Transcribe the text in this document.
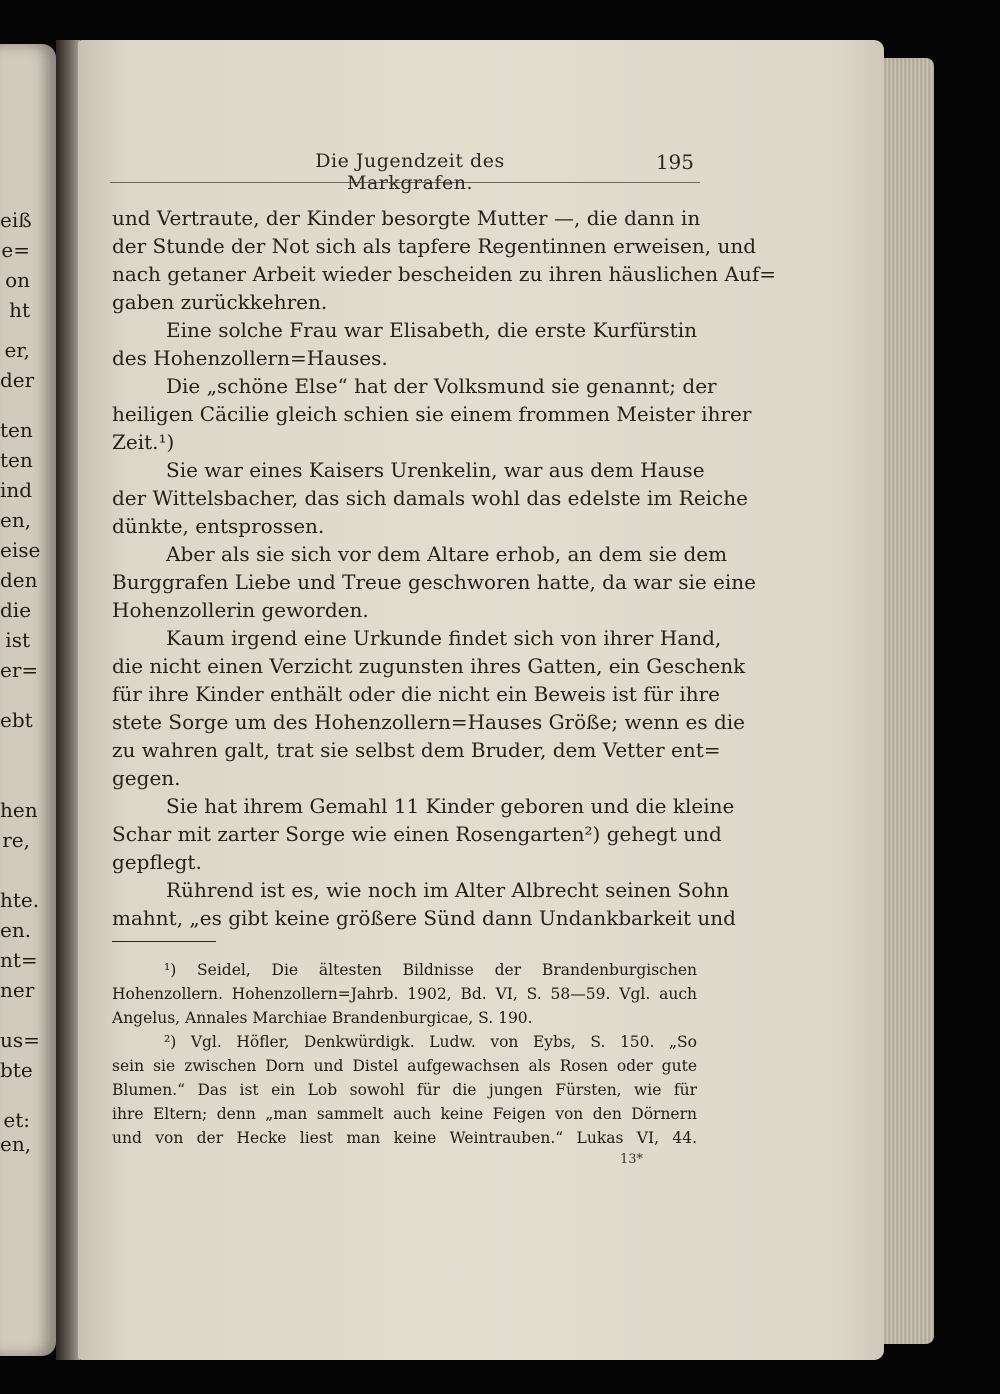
eiß
e=
on
ht
er,
der
ten
ten
ind
en,
eise
den
die
ist
er=
ebt
hen
re,
hte.
en.
nt=
ner
us=
bte
et:
en,
Die Jugendzeit des Markgrafen.
195
und Vertraute, der Kinder besorgte Mutter —, die dann in
der Stunde der Not sich als tapfere Regentinnen erweisen, und
nach getaner Arbeit wieder bescheiden zu ihren häuslichen Auf=
gaben zurückkehren.
Eine solche Frau war Elisabeth, die erste Kurfürstin
des Hohenzollern=Hauses.
Die „schöne Else“ hat der Volksmund sie genannt; der
heiligen Cäcilie gleich schien sie einem frommen Meister ihrer
Zeit.¹)
Sie war eines Kaisers Urenkelin, war aus dem Hause
der Wittelsbacher, das sich damals wohl das edelste im Reiche
dünkte, entsprossen.
Aber als sie sich vor dem Altare erhob, an dem sie dem
Burggrafen Liebe und Treue geschworen hatte, da war sie eine
Hohenzollerin geworden.
Kaum irgend eine Urkunde findet sich von ihrer Hand,
die nicht einen Verzicht zugunsten ihres Gatten, ein Geschenk
für ihre Kinder enthält oder die nicht ein Beweis ist für ihre
stete Sorge um des Hohenzollern=Hauses Größe; wenn es die
zu wahren galt, trat sie selbst dem Bruder, dem Vetter ent=
gegen.
Sie hat ihrem Gemahl 11 Kinder geboren und die kleine
Schar mit zarter Sorge wie einen Rosengarten²) gehegt und
gepflegt.
Rührend ist es, wie noch im Alter Albrecht seinen Sohn
mahnt, „es gibt keine größere Sünd dann Undankbarkeit und
¹) Seidel, Die ältesten Bildnisse der Brandenburgischen
Hohenzollern. Hohenzollern=Jahrb. 1902, Bd. VI, S. 58—59. Vgl. auch
Angelus, Annales Marchiae Brandenburgicae, S. 190.
²) Vgl. Höfler, Denkwürdigk. Ludw. von Eybs, S. 150. „So
sein sie zwischen Dorn und Distel aufgewachsen als Rosen oder gute
Blumen.“ Das ist ein Lob sowohl für die jungen Fürsten, wie für
ihre Eltern; denn „man sammelt auch keine Feigen von den Dörnern
und von der Hecke liest man keine Weintrauben.“ Lukas VI, 44.
13*
